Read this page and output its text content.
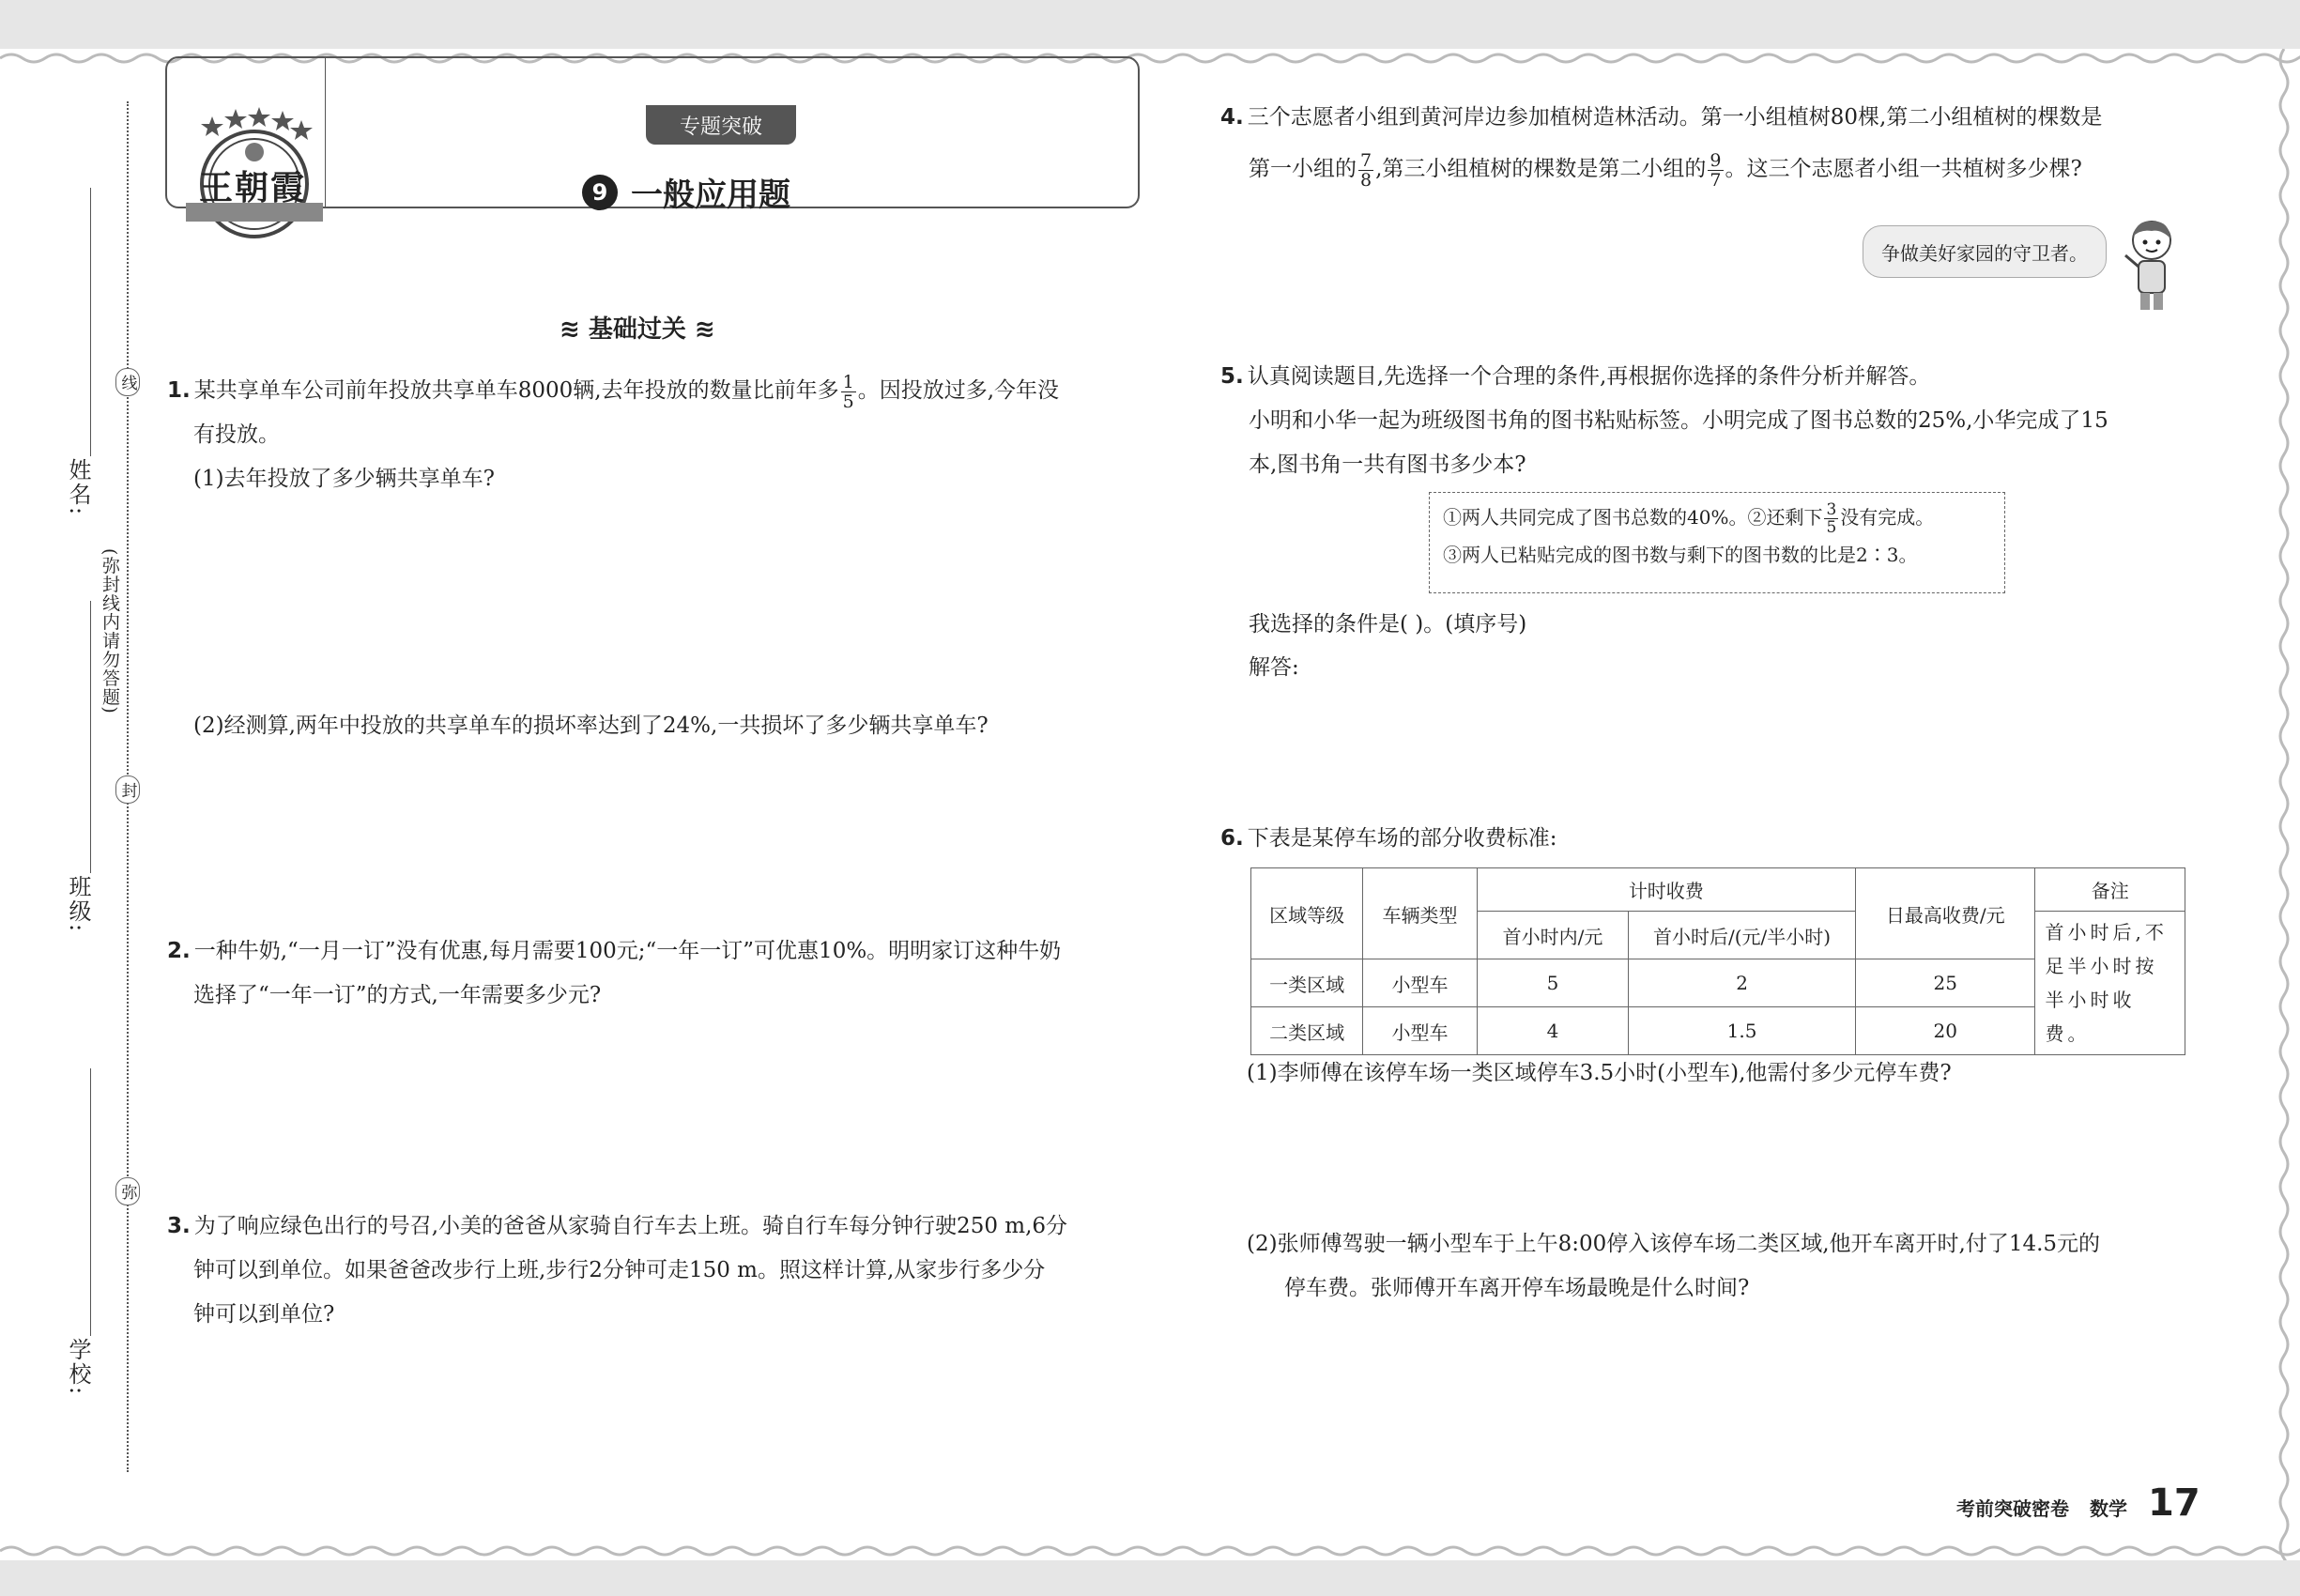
姓名:
班级:
学校:
线
(弥封线内请勿答题)
封
弥
王朝霞
专题突破
9 一般应用题
≋ 基础过关 ≋
1. 某共享单车公司前年投放共享单车8000辆,去年投放的数量比前年多 $\frac{1}{5}$ 。因投放过多,今年没
有投放。
(1)去年投放了多少辆共享单车?
(2)经测算,两年中投放的共享单车的损坏率达到了24%,一共损坏了多少辆共享单车?
2. 一种牛奶,“一月一订”没有优惠,每月需要100元;“一年一订”可优惠10%。明明家订这种牛奶
选择了“一年一订”的方式,一年需要多少元?
3. 为了响应绿色出行的号召,小美的爸爸从家骑自行车去上班。骑自行车每分钟行驶250 m,6分
钟可以到单位。如果爸爸改步行上班,步行2分钟可走150 m。照这样计算,从家步行多少分
钟可以到单位?
4. 三个志愿者小组到黄河岸边参加植树造林活动。第一小组植树80棵,第二小组植树的棵数是
第一小组的 $\frac{7}{8}$ ,第三小组植树的棵数是第二小组的 $\frac{9}{7}$ 。这三个志愿者小组一共植树多少棵?
争做美好家园的守卫者。
5. 认真阅读题目,先选择一个合理的条件,再根据你选择的条件分析并解答。
小明和小华一起为班级图书角的图书粘贴标签。小明完成了图书总数的25%,小华完成了15
本,图书角一共有图书多少本?
①两人共同完成了图书总数的40%。②还剩下 $\frac{3}{5}$ 没有完成。
③两人已粘贴完成的图书数与剩下的图书数的比是2∶3。
我选择的条件是( )。(填序号)
解答:
6. 下表是某停车场的部分收费标准:
区域等级	车辆类型	计时收费		日最高收费/元	备注
		首小时内/元	首小时后/(元/半小时)		首小时后,不足半小时按半小时收费。
一类区域	小型车	5	2	25	
二类区域	小型车	4	1.5	20	
(1)李师傅在该停车场一类区域停车3.5小时(小型车),他需付多少元停车费?
(2)张师傅驾驶一辆小型车于上午8:00停入该停车场二类区域,他开车离开时,付了14.5元的
停车费。张师傅开车离开停车场最晚是什么时间?
考前突破密卷 数学 17
